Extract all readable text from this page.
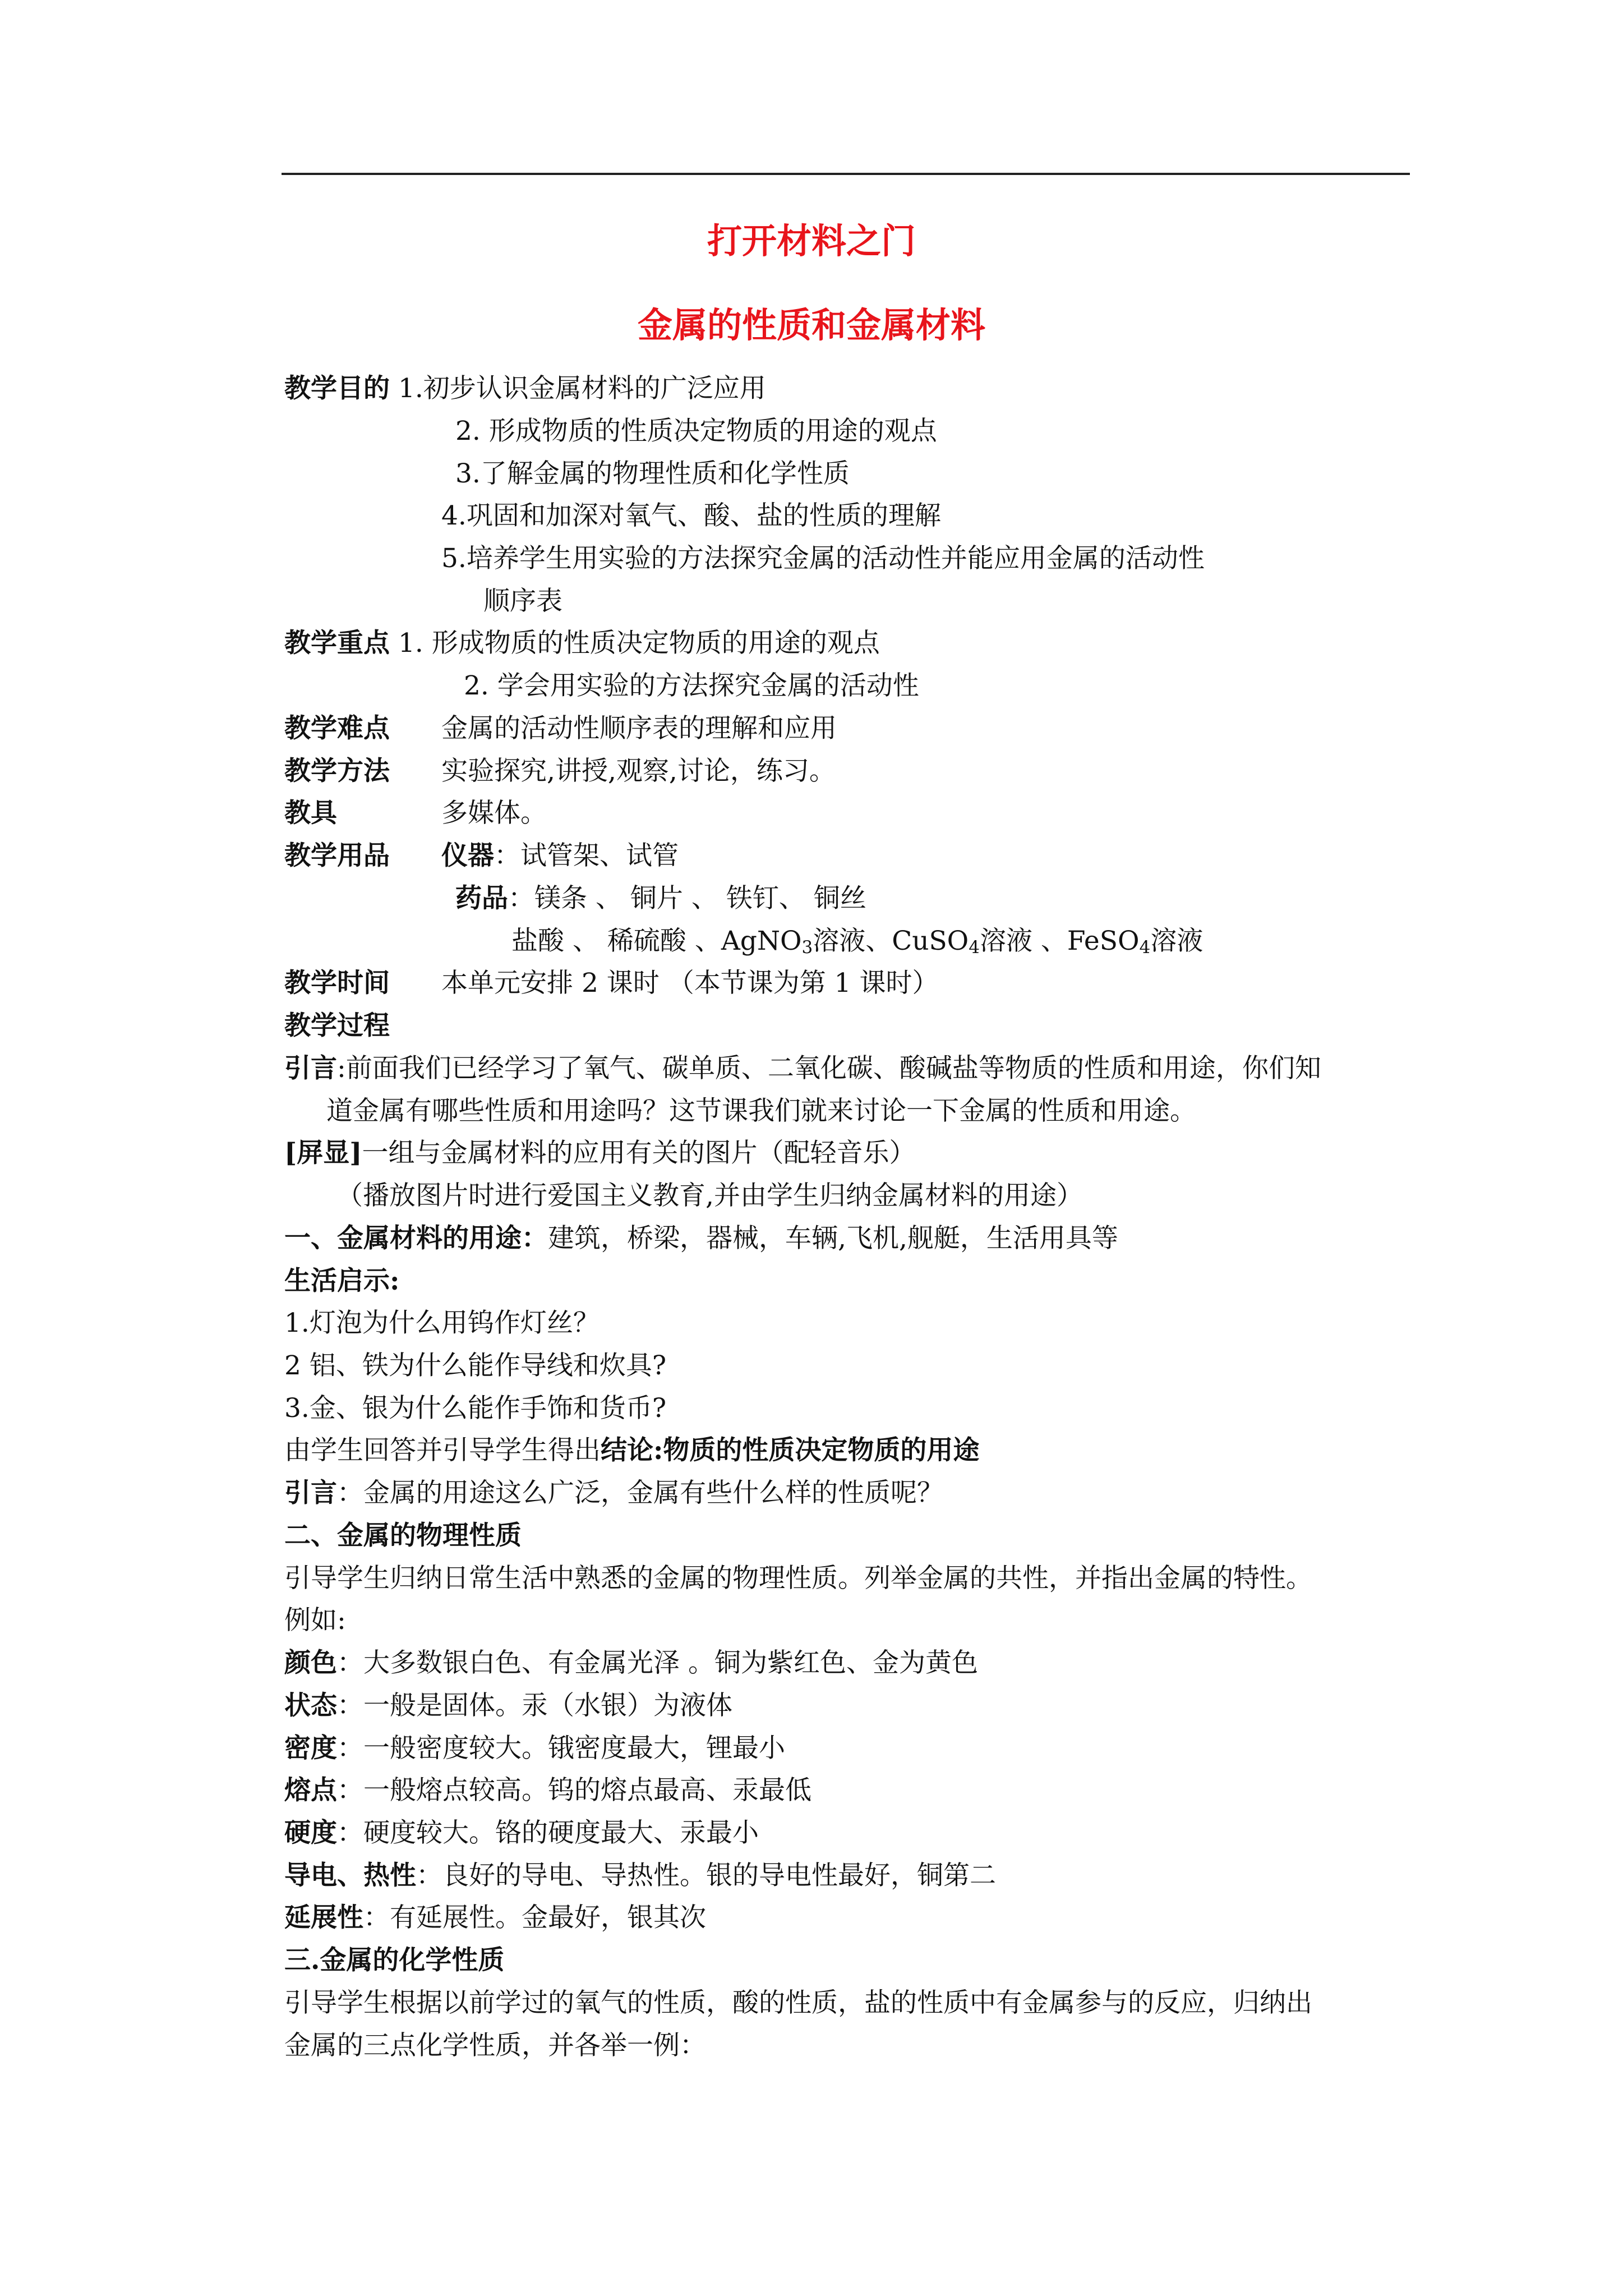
打开材料之门
金属的性质和金属材料
教学目的 1.初步认识金属材料的广泛应用
2. 形成物质的性质决定物质的用途的观点
3.了解金属的物理性质和化学性质
4.巩固和加深对氧气、酸、盐的性质的理解
5.培养学生用实验的方法探究金属的活动性并能应用金属的活动性
顺序表
教学重点 1. 形成物质的性质决定物质的用途的观点
2. 学会用实验的方法探究金属的活动性
教学难点 金属的活动性顺序表的理解和应用
教学方法 实验探究,讲授,观察,讨论，练习。
教具	多媒体。
教学用品 仪器：试管架、试管
药品：镁条 、 铜片 、 铁钉、 铜丝
盐酸 、 稀硫酸 、AgNO$_3$溶液、CuSO$_4$溶液 、FeSO$_4$溶液
教学时间 本单元安排 2 课时 （本节课为第 1 课时）
教学过程
引言:前面我们已经学习了氧气、碳单质、二氧化碳、酸碱盐等物质的性质和用途，你们知
道金属有哪些性质和用途吗？这节课我们就来讨论一下金属的性质和用途。
[屏显]一组与金属材料的应用有关的图片（配轻音乐）
（播放图片时进行爱国主义教育,并由学生归纳金属材料的用途）
一、金属材料的用途：建筑，桥梁，器械，车辆,飞机,舰艇，生活用具等
生活启示:
1.灯泡为什么用钨作灯丝？
2 铝、铁为什么能作导线和炊具?
3.金、银为什么能作手饰和货币?
由学生回答并引导学生得出结论:物质的性质决定物质的用途
引言：金属的用途这么广泛，金属有些什么样的性质呢？
二、金属的物理性质
引导学生归纳日常生活中熟悉的金属的物理性质。列举金属的共性，并指出金属的特性。
例如:
颜色：大多数银白色、有金属光泽 。铜为紫红色、金为黄色
状态：一般是固体。汞（水银）为液体
密度：一般密度较大。锇密度最大，锂最小
熔点：一般熔点较高。钨的熔点最高、汞最低
硬度：硬度较大。铬的硬度最大、汞最小
导电、热性：良好的导电、导热性。银的导电性最好，铜第二
延展性：有延展性。金最好，银其次
三.金属的化学性质
引导学生根据以前学过的氧气的性质，酸的性质，盐的性质中有金属参与的反应，归纳出
金属的三点化学性质，并各举一例：
